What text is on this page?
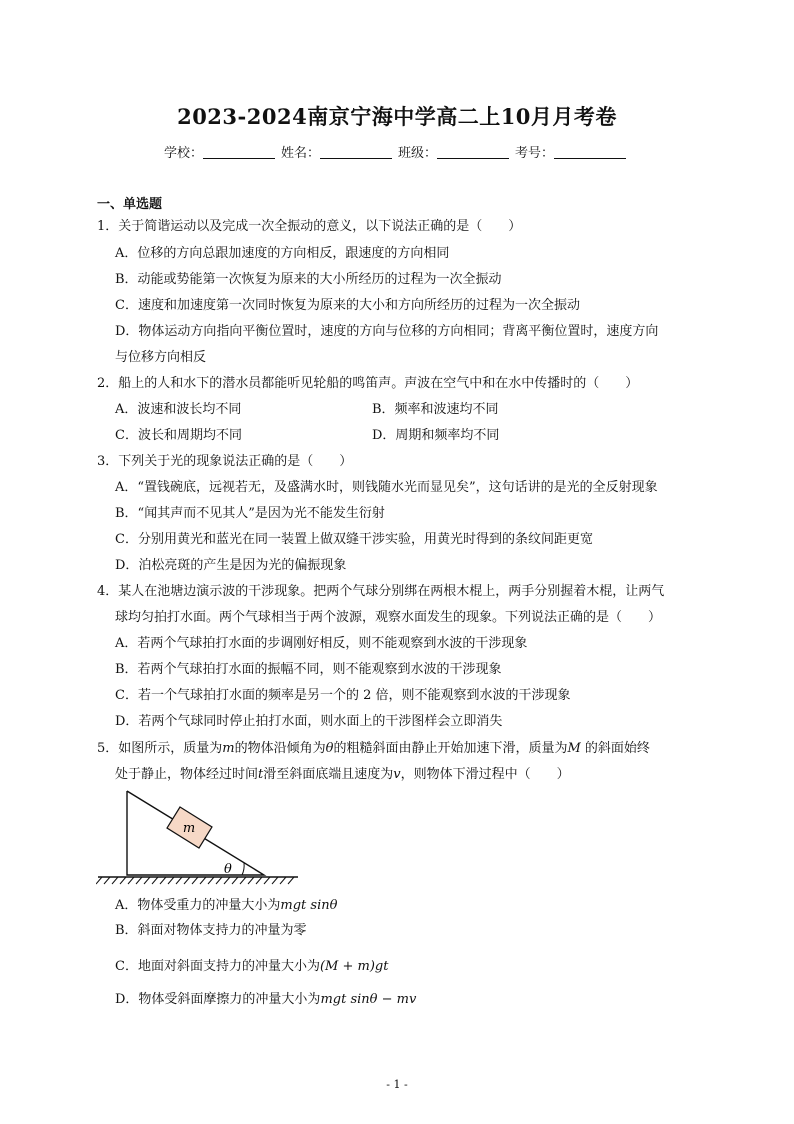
2023-2024南京宁海中学高二上10月月考卷
学校：	姓名：	班级：	考号：
一、单选题
1．关于简谐运动以及完成一次全振动的意义，以下说法正确的是（　　）
A．位移的方向总跟加速度的方向相反，跟速度的方向相同
B．动能或势能第一次恢复为原来的大小所经历的过程为一次全振动
C．速度和加速度第一次同时恢复为原来的大小和方向所经历的过程为一次全振动
D．物体运动方向指向平衡位置时，速度的方向与位移的方向相同；背离平衡位置时，速度方向
与位移方向相反
2．船上的人和水下的潜水员都能听见轮船的鸣笛声。声波在空气中和在水中传播时的（　　）
A．波速和波长均不同	B．频率和波速均不同
C．波长和周期均不同	D．周期和频率均不同
3．下列关于光的现象说法正确的是（　　）
A．“置钱碗底，远视若无，及盛满水时，则钱随水光而显见矣”，这句话讲的是光的全反射现象
B．“闻其声而不见其人”是因为光不能发生衍射
C．分别用黄光和蓝光在同一装置上做双缝干涉实验，用黄光时得到的条纹间距更宽
D．泊松亮斑的产生是因为光的偏振现象
4．某人在池塘边演示波的干涉现象。把两个气球分别绑在两根木棍上，两手分别握着木棍，让两气
球均匀拍打水面。两个气球相当于两个波源，观察水面发生的现象。下列说法正确的是（　　）
A．若两个气球拍打水面的步调刚好相反，则不能观察到水波的干涉现象
B．若两个气球拍打水面的振幅不同，则不能观察到水波的干涉现象
C．若一个气球拍打水面的频率是另一个的 2 倍，则不能观察到水波的干涉现象
D．若两个气球同时停止拍打水面，则水面上的干涉图样会立即消失
5．如图所示，质量为m的物体沿倾角为θ的粗糙斜面由静止开始加速下滑，质量为M 的斜面始终
处于静止，物体经过时间t滑至斜面底端且速度为v，则物体下滑过程中（　　）
m
θ
A．物体受重力的冲量大小为mgt sinθ
B．斜面对物体支持力的冲量为零
C．地面对斜面支持力的冲量大小为(M + m)gt
D．物体受斜面摩擦力的冲量大小为mgt sinθ − mv
- 1 -
